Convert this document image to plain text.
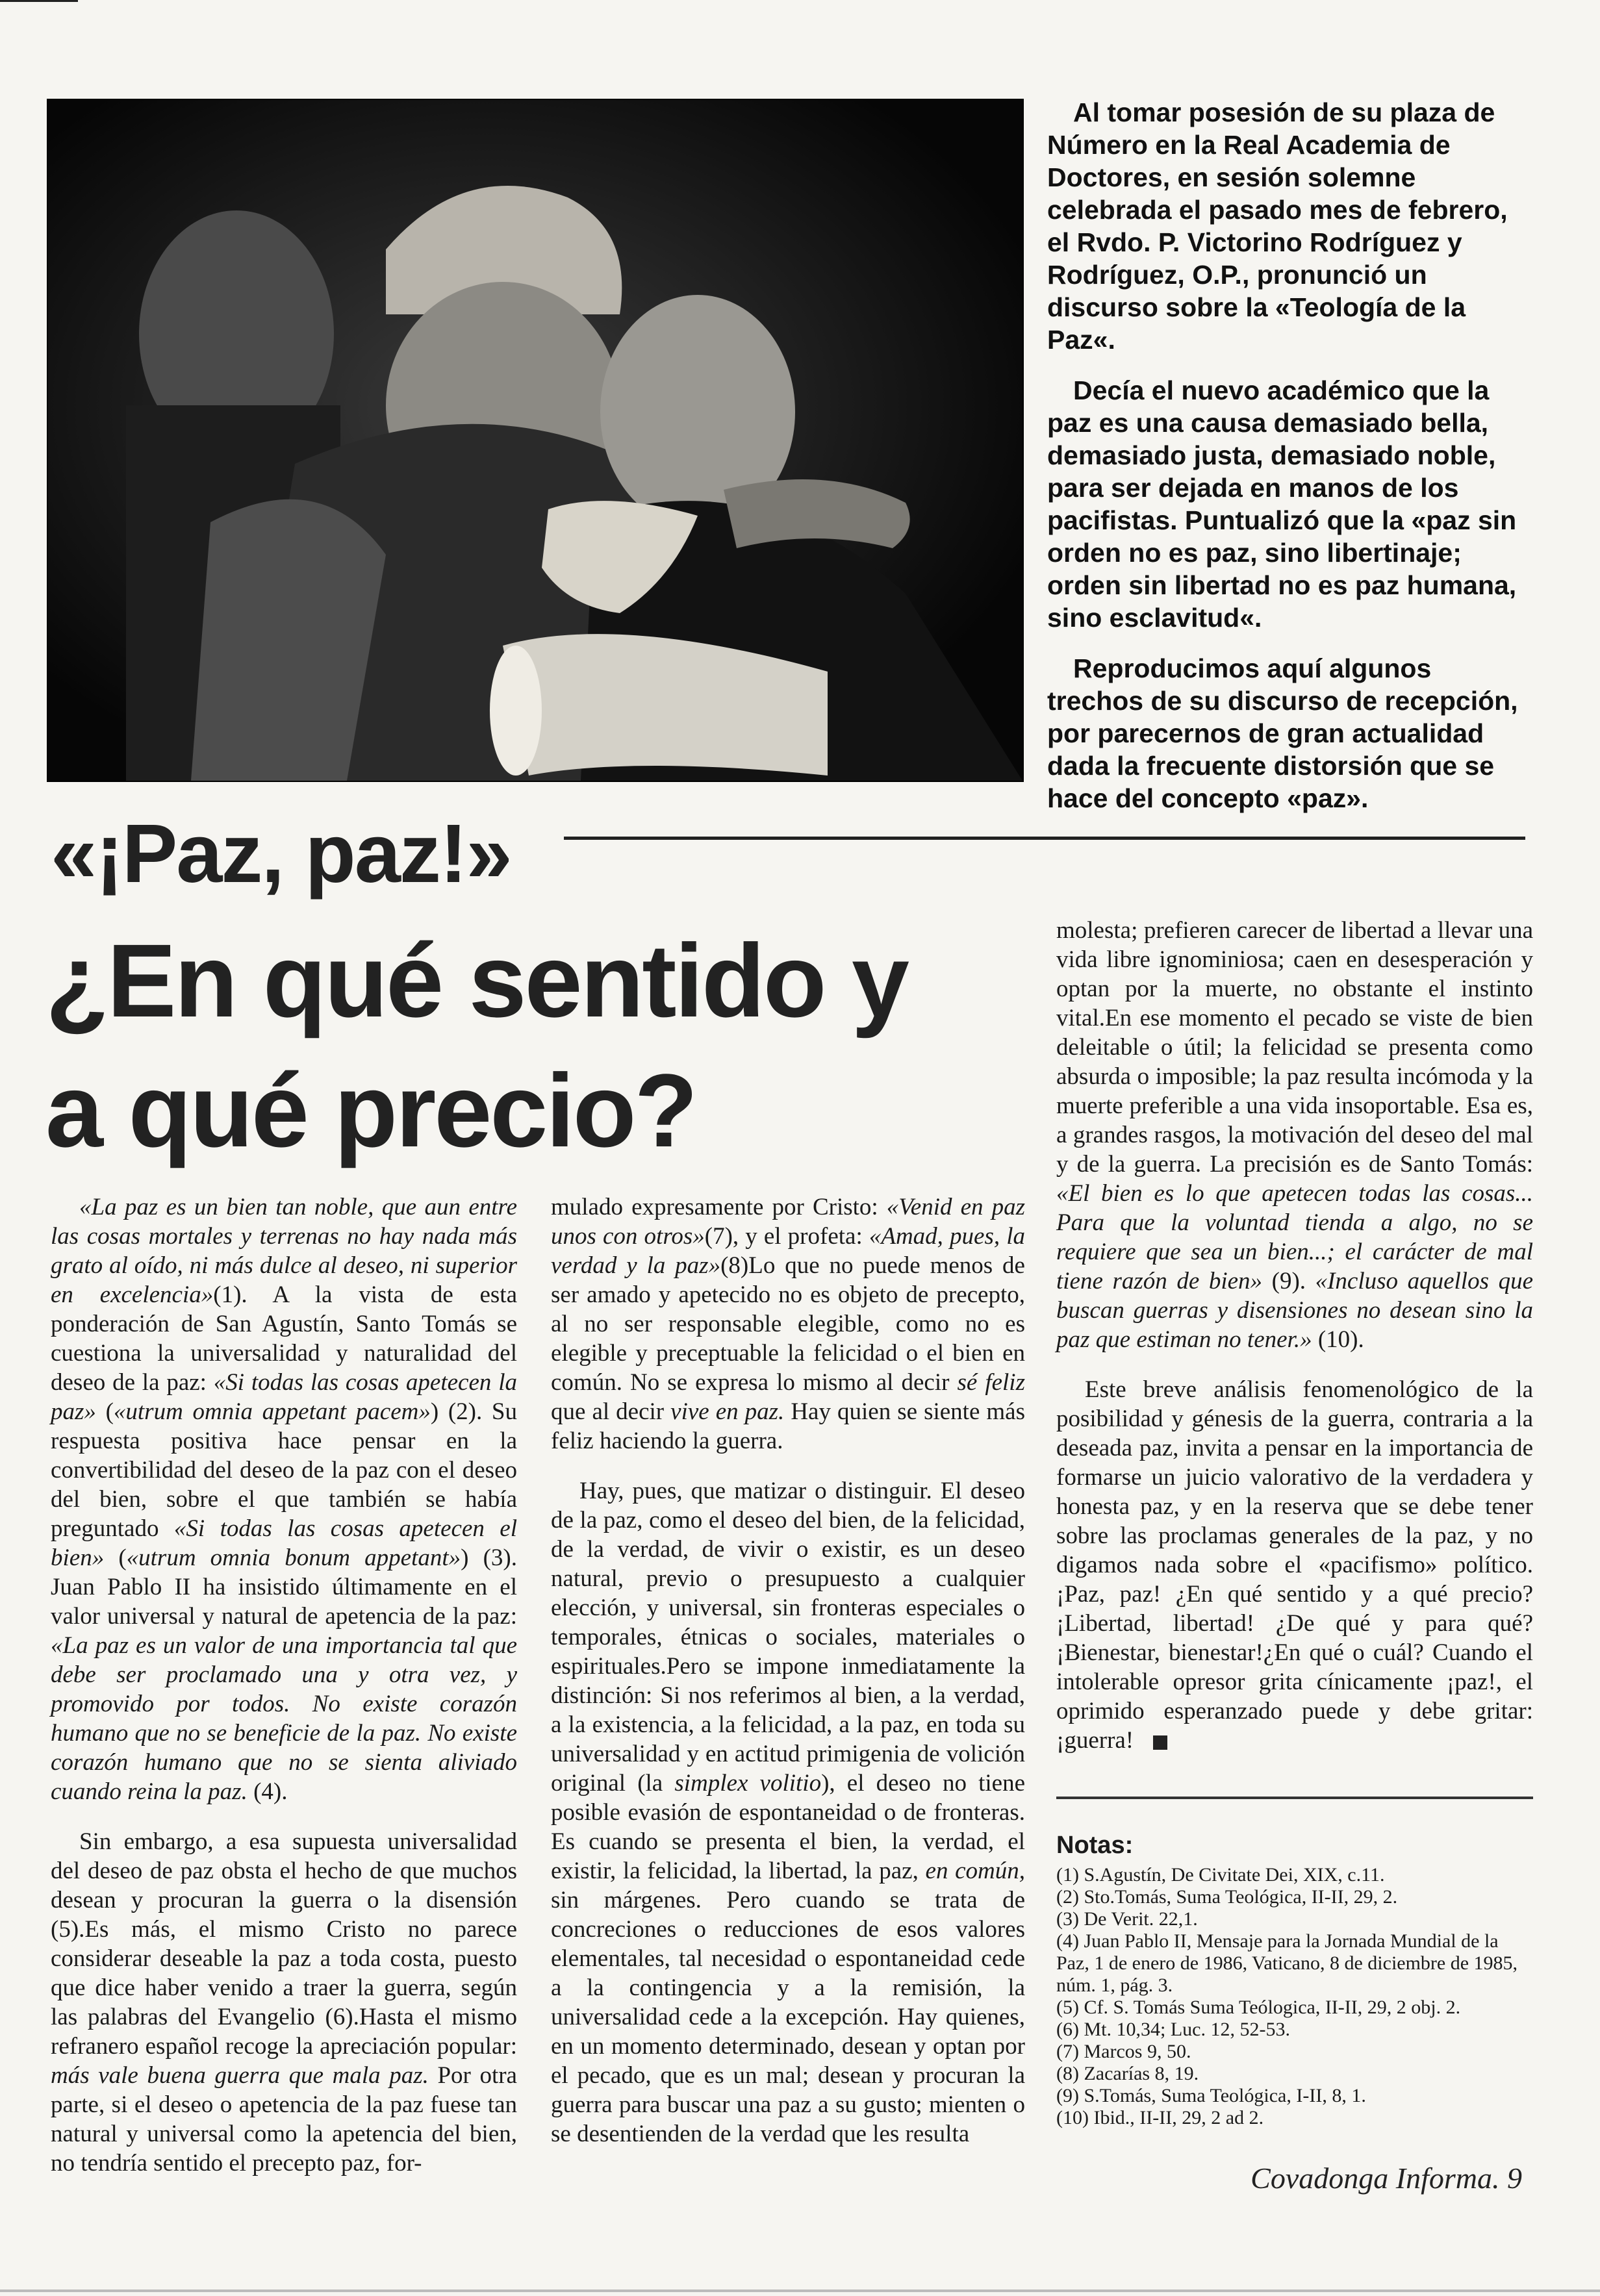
Al tomar posesión de su plaza de Número en la Real Academia de Doctores, en sesión solemne celebrada el pasado mes de febrero, el Rvdo. P. Victorino Rodríguez y Rodríguez, O.P., pronunció un discurso sobre la «Teología de la Paz«.

Decía el nuevo académico que la paz es una causa demasiado bella, demasiado justa, demasiado noble, para ser dejada en manos de los pacifistas. Puntualizó que la «paz sin orden no es paz, sino libertinaje; orden sin libertad no es paz humana, sino esclavitud«.

Reproducimos aquí algunos trechos de su discurso de recepción, por parecernos de gran actualidad dada la frecuente distorsión que se hace del concepto «paz».

«¡Paz, paz!»
¿En qué sentido y
a qué precio?

«La paz es un bien tan noble, que aun entre las cosas mortales y terrenas no hay nada más grato al oído, ni más dulce al deseo, ni superior en excelencia»(1). A la vista de esta ponderación de San Agustín, Santo Tomás se cuestiona la universalidad y naturalidad del deseo de la paz: «Si todas las cosas apetecen la paz» («utrum omnia appetant pacem») (2). Su respuesta positiva hace pensar en la convertibilidad del deseo de la paz con el deseo del bien, sobre el que también se había preguntado «Si todas las cosas apetecen el bien» («utrum omnia bonum appetant») (3). Juan Pablo II ha insistido últimamente en el valor universal y natural de apetencia de la paz: «La paz es un valor de una importancia tal que debe ser proclamado una y otra vez, y promovido por todos. No existe corazón humano que no se beneficie de la paz. No existe corazón humano que no se sienta aliviado cuando reina la paz. (4).

Sin embargo, a esa supuesta universalidad del deseo de paz obsta el hecho de que muchos desean y procuran la guerra o la disensión (5).Es más, el mismo Cristo no parece considerar deseable la paz a toda costa, puesto que dice haber venido a traer la guerra, según las palabras del Evangelio (6).Hasta el mismo refranero español recoge la apreciación popular: más vale buena guerra que mala paz. Por otra parte, si el deseo o apetencia de la paz fuese tan natural y universal como la apetencia del bien, no tendría sentido el precepto paz, for-

mulado expresamente por Cristo: «Venid en paz unos con otros»(7), y el profeta: «Amad, pues, la verdad y la paz»(8)Lo que no puede menos de ser amado y apetecido no es objeto de precepto, al no ser responsable elegible, como no es elegible y preceptuable la felicidad o el bien en común. No se expresa lo mismo al decir sé feliz que al decir vive en paz. Hay quien se siente más feliz haciendo la guerra.

Hay, pues, que matizar o distinguir. El deseo de la paz, como el deseo del bien, de la felicidad, de la verdad, de vivir o existir, es un deseo natural, previo o presupuesto a cualquier elección, y universal, sin fronteras especiales o temporales, étnicas o sociales, materiales o espirituales.Pero se impone inmediatamente la distinción: Si nos referimos al bien, a la verdad, a la existencia, a la felicidad, a la paz, en toda su universalidad y en actitud primigenia de volición original (la simplex volitio), el deseo no tiene posible evasión de espontaneidad o de fronteras. Es cuando se presenta el bien, la verdad, el existir, la felicidad, la libertad, la paz, en común, sin márgenes. Pero cuando se trata de concreciones o reducciones de esos valores elementales, tal necesidad o espontaneidad cede a la contingencia y a la remisión, la universalidad cede a la excepción. Hay quienes, en un momento determinado, desean y optan por el pecado, que es un mal; desean y procuran la guerra para buscar una paz a su gusto; mienten o se desentienden de la verdad que les resulta

molesta; prefieren carecer de libertad a llevar una vida libre ignominiosa; caen en desesperación y optan por la muerte, no obstante el instinto vital.En ese momento el pecado se viste de bien deleitable o útil; la felicidad se presenta como absurda o imposible; la paz resulta incómoda y la muerte preferible a una vida insoportable. Esa es, a grandes rasgos, la motivación del deseo del mal y de la guerra. La precisión es de Santo Tomás: «El bien es lo que apetecen todas las cosas... Para que la voluntad tienda a algo, no se requiere que sea un bien...; el carácter de mal tiene razón de bien» (9). «Incluso aquellos que buscan guerras y disensiones no desean sino la paz que estiman no tener.» (10).

Este breve análisis fenomenológico de la posibilidad y génesis de la guerra, contraria a la deseada paz, invita a pensar en la importancia de formarse un juicio valorativo de la verdadera y honesta paz, y en la reserva que se debe tener sobre las proclamas generales de la paz, y no digamos nada sobre el «pacifismo» político. ¡Paz, paz! ¿En qué sentido y a qué precio? ¡Libertad, libertad! ¿De qué y para qué? ¡Bienestar, bienestar!¿En qué o cuál? Cuando el intolerable opresor grita cínicamente ¡paz!, el oprimido esperanzado puede y debe gritar: ¡guerra!

Notas:
(1) S.Agustín, De Civitate Dei, XIX, c.11.
(2) Sto.Tomás, Suma Teológica, II-II, 29, 2.
(3) De Verit. 22,1.
(4) Juan Pablo II, Mensaje para la Jornada Mundial de la Paz, 1 de enero de 1986, Vaticano, 8 de diciembre de 1985, núm. 1, pág. 3.
(5) Cf. S. Tomás Suma Teólogica, II-II, 29, 2 obj. 2.
(6) Mt. 10,34; Luc. 12, 52-53.
(7) Marcos 9, 50.
(8) Zacarías 8, 19.
(9) S.Tomás, Suma Teológica, I-II, 8, 1.
(10) Ibid., II-II, 29, 2 ad 2.
Covadonga Informa. 9
